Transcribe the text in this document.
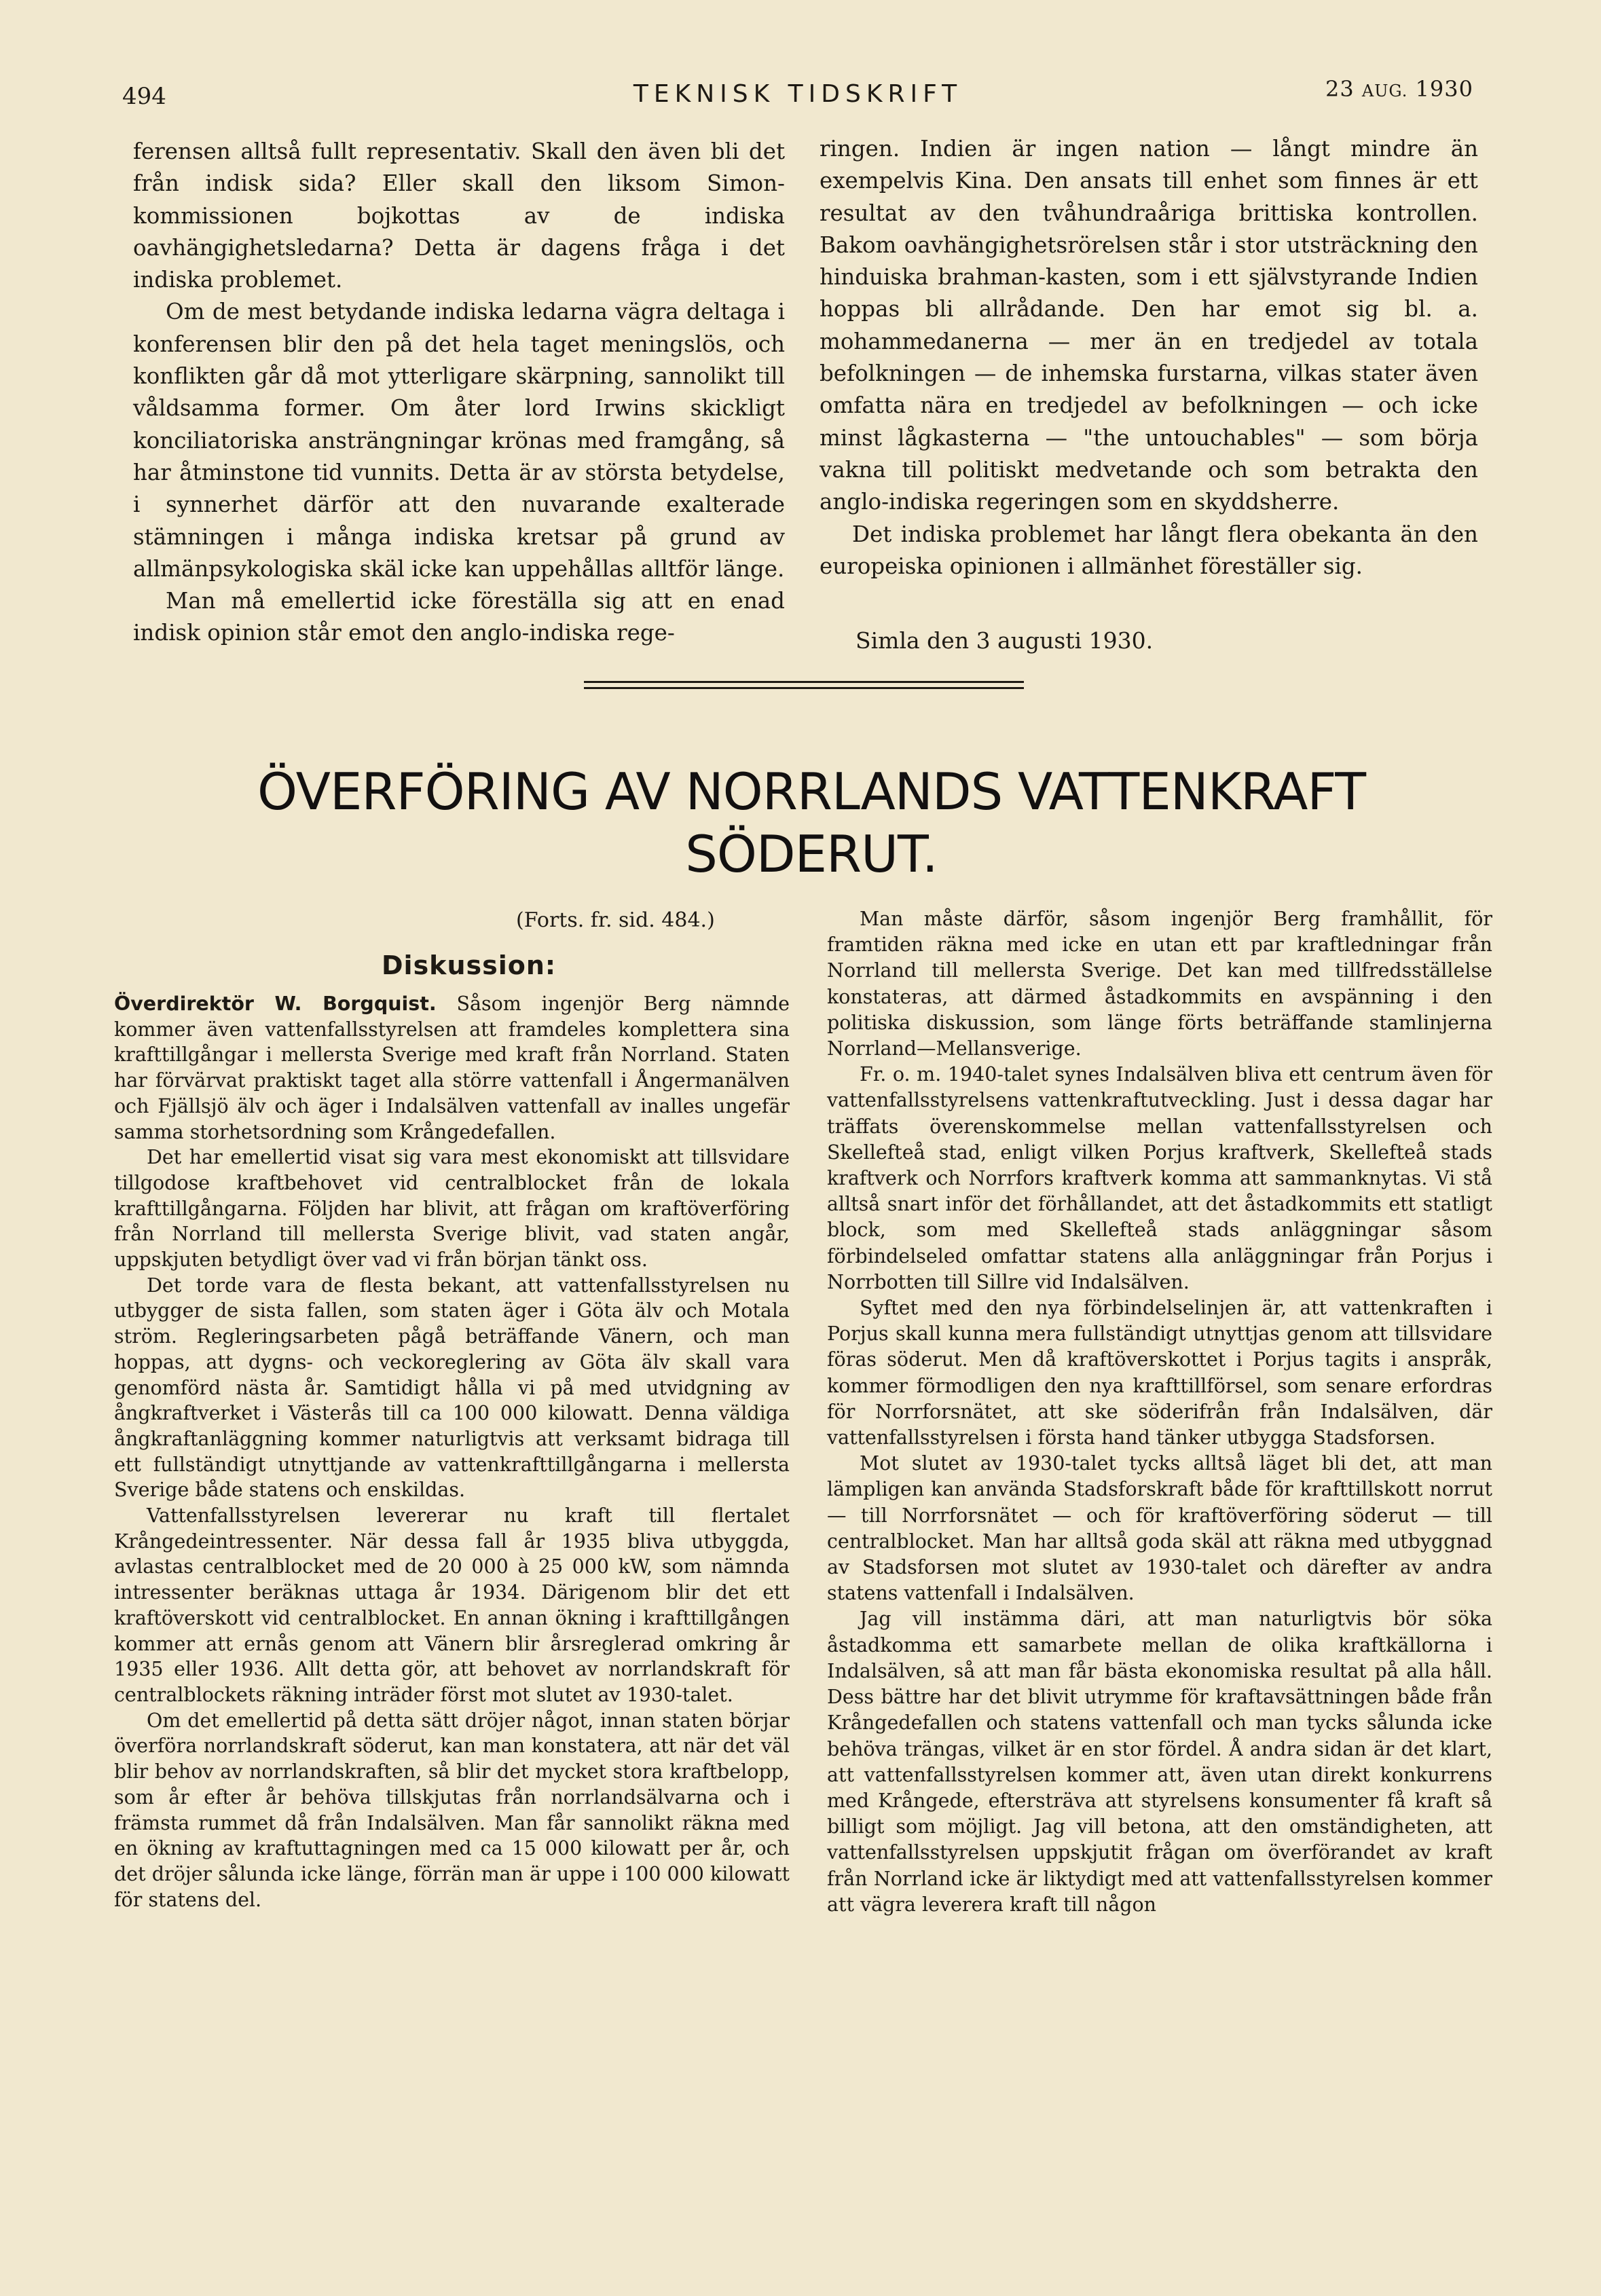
494	TEKNISK TIDSKRIFT	23 AUG. 1930

ferensen alltså fullt representativ. Skall den även bli det från indisk sida? Eller skall den liksom Simon-kommissionen bojkottas av de indiska oavhängighetsledarna? Detta är dagens fråga i det indiska problemet.

Om de mest betydande indiska ledarna vägra deltaga i konferensen blir den på det hela taget meningslös, och konflikten går då mot ytterligare skärpning, sannolikt till våldsamma former. Om åter lord Irwins skickligt konciliatoriska ansträngningar krönas med framgång, så har åtminstone tid vunnits. Detta är av största betydelse, i synnerhet därför att den nuvarande exalterade stämningen i många indiska kretsar på grund av allmänpsykologiska skäl icke kan uppehållas alltför länge.

Man må emellertid icke föreställa sig att en enad indisk opinion står emot den anglo-indiska rege-

ringen. Indien är ingen nation — långt mindre än exempelvis Kina. Den ansats till enhet som finnes är ett resultat av den tvåhundraåriga brittiska kontrollen. Bakom oavhängighetsrörelsen står i stor utsträckning den hinduiska brahman-kasten, som i ett självstyrande Indien hoppas bli allrådande. Den har emot sig bl. a. mohammedanerna — mer än en tredjedel av totala befolkningen — de inhemska furstarna, vilkas stater även omfatta nära en tredjedel av befolkningen — och icke minst lågkasterna — "the untouchables" — som börja vakna till politiskt medvetande och som betrakta den anglo-indiska regeringen som en skyddsherre.

Det indiska problemet har långt flera obekanta än den europeiska opinionen i allmänhet föreställer sig.

Simla den 3 augusti 1930.
ÖVERFÖRING AV NORRLANDS VATTENKRAFT
SÖDERUT.
(Forts. fr. sid. 484.)
Diskussion:

Överdirektör W. Borgquist. Såsom ingenjör Berg nämnde kommer även vattenfallsstyrelsen att framdeles komplettera sina krafttillgångar i mellersta Sverige med kraft från Norrland. Staten har förvärvat praktiskt taget alla större vattenfall i Ångermanälven och Fjällsjö älv och äger i Indalsälven vattenfall av inalles ungefär samma storhetsordning som Krångedefallen.

Det har emellertid visat sig vara mest ekonomiskt att tillsvidare tillgodose kraftbehovet vid centralblocket från de lokala krafttillgångarna. Följden har blivit, att frågan om kraftöverföring från Norrland till mellersta Sverige blivit, vad staten angår, uppskjuten betydligt över vad vi från början tänkt oss.

Det torde vara de flesta bekant, att vattenfallsstyrelsen nu utbygger de sista fallen, som staten äger i Göta älv och Motala ström. Regleringsarbeten pågå beträffande Vänern, och man hoppas, att dygns- och veckoreglering av Göta älv skall vara genomförd nästa år. Samtidigt hålla vi på med utvidgning av ångkraftverket i Västerås till ca 100 000 kilowatt. Denna väldiga ångkraftanläggning kommer naturligtvis att verksamt bidraga till ett fullständigt utnyttjande av vattenkrafttillgångarna i mellersta Sverige både statens och enskildas.

Vattenfallsstyrelsen levererar nu kraft till flertalet Krångedeintressenter. När dessa fall år 1935 bliva utbyggda, avlastas centralblocket med de 20 000 à 25 000 kW, som nämnda intressenter beräknas uttaga år 1934. Därigenom blir det ett kraftöverskott vid centralblocket. En annan ökning i krafttillgången kommer att ernås genom att Vänern blir årsreglerad omkring år 1935 eller 1936. Allt detta gör, att behovet av norrlandskraft för centralblockets räkning inträder först mot slutet av 1930-talet.

Om det emellertid på detta sätt dröjer något, innan staten börjar överföra norrlandskraft söderut, kan man konstatera, att när det väl blir behov av norrlandskraften, så blir det mycket stora kraftbelopp, som år efter år behöva tillskjutas från norrlandsälvarna och i främsta rummet då från Indalsälven. Man får sannolikt räkna med en ökning av kraftuttagningen med ca 15 000 kilowatt per år, och det dröjer sålunda icke länge, förrän man är uppe i 100 000 kilowatt för statens del.

Man måste därför, såsom ingenjör Berg framhållit, för framtiden räkna med icke en utan ett par kraftledningar från Norrland till mellersta Sverige. Det kan med tillfredsställelse konstateras, att därmed åstadkommits en avspänning i den politiska diskussion, som länge förts beträffande stamlinjerna Norrland—Mellansverige.

Fr. o. m. 1940-talet synes Indalsälven bliva ett centrum även för vattenfallsstyrelsens vattenkraftutveckling. Just i dessa dagar har träffats överenskommelse mellan vattenfallsstyrelsen och Skellefteå stad, enligt vilken Porjus kraftverk, Skellefteå stads kraftverk och Norrfors kraftverk komma att sammanknytas. Vi stå alltså snart inför det förhållandet, att det åstadkommits ett statligt block, som med Skellefteå stads anläggningar såsom förbindelseled omfattar statens alla anläggningar från Porjus i Norrbotten till Sillre vid Indalsälven.

Syftet med den nya förbindelselinjen är, att vattenkraften i Porjus skall kunna mera fullständigt utnyttjas genom att tillsvidare föras söderut. Men då kraftöverskottet i Porjus tagits i anspråk, kommer förmodligen den nya krafttillförsel, som senare erfordras för Norrforsnätet, att ske söderifrån från Indalsälven, där vattenfallsstyrelsen i första hand tänker utbygga Stadsforsen.

Mot slutet av 1930-talet tycks alltså läget bli det, att man lämpligen kan använda Stadsforskraft både för krafttillskott norrut — till Norrforsnätet — och för kraftöverföring söderut — till centralblocket. Man har alltså goda skäl att räkna med utbyggnad av Stadsforsen mot slutet av 1930-talet och därefter av andra statens vattenfall i Indalsälven.

Jag vill instämma däri, att man naturligtvis bör söka åstadkomma ett samarbete mellan de olika kraftkällorna i Indalsälven, så att man får bästa ekonomiska resultat på alla håll. Dess bättre har det blivit utrymme för kraftavsättningen både från Krångedefallen och statens vattenfall och man tycks sålunda icke behöva trängas, vilket är en stor fördel. Å andra sidan är det klart, att vattenfallsstyrelsen kommer att, även utan direkt konkurrens med Krångede, eftersträva att styrelsens konsumenter få kraft så billigt som möjligt. Jag vill betona, att den omständigheten, att vattenfallsstyrelsen uppskjutit frågan om överförandet av kraft från Norrland icke är liktydigt med att vattenfallsstyrelsen kommer att vägra leverera kraft till någon
